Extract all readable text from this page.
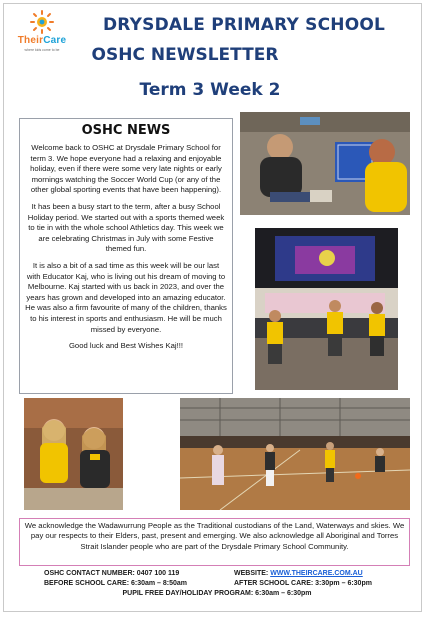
TheirCare
where kids come to be
DRYSDALE PRIMARY SCHOOL
OSHC NEWSLETTER
Term 3 Week 2
OSHC NEWS

Welcome back to OSHC at Drysdale Primary School for term 3. We hope everyone had a relaxing and enjoyable holiday, even if there were some very late nights or early mornings watching the Soccer World Cup (or any of the other global sporting events that have been happening).

It has been a busy start to the term, after a busy School Holiday period. We started out with a sports themed week to tie in with the whole school Athletics day. This week we are celebrating Christmas in July with some Festive themed fun.

It is also a bit of a sad time as this week will be our last with Educator Kaj, who is living out his dream of moving to Melbourne. Kaj started with us back in 2023, and over the years has grown and developed into an amazing educator. He was also a firm favourite of many of the children, thanks to his interest in sports and enthusiasm. He will be much missed by everyone.

Good luck and Best Wishes Kaj!!!

We acknowledge the Wadawurrung People as the Traditional custodians of the Land, Waterways and skies. We pay our respects to their Elders, past, present and emerging. We also acknowledge all Aboriginal and Torres Strait Islander people who are part of the Drysdale Primary School Community.

OSHC CONTACT NUMBER: 0407 100 119	WEBSITE: WWW.THEIRCARE.COM.AU
BEFORE SCHOOL CARE: 6:30am – 8:50am	AFTER SCHOOL CARE: 3:30pm – 6:30pm
PUPIL FREE DAY/HOLIDAY PROGRAM: 6:30am – 6:30pm
